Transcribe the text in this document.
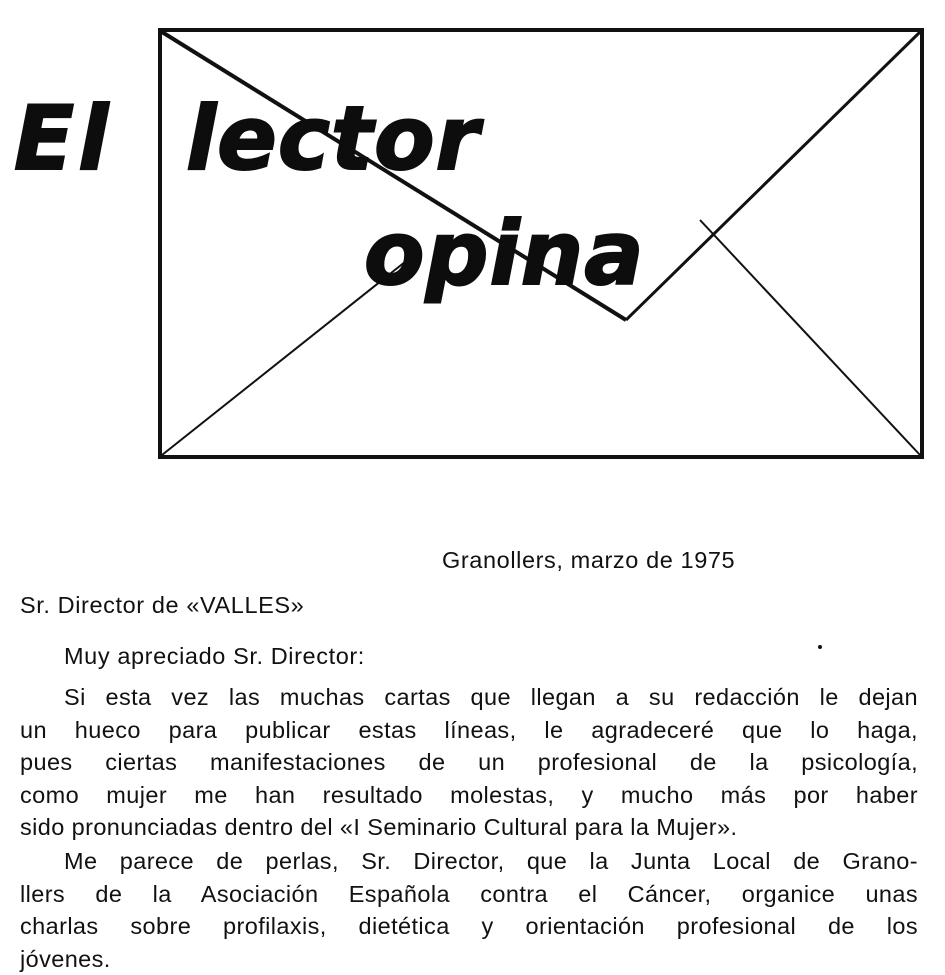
El lector
opina
Granollers, marzo de 1975
Sr. Director de «VALLES»
Muy apreciado Sr. Director:
Si esta vez las muchas cartas que llegan a su redacción le dejan
un hueco para publicar estas líneas, le agradeceré que lo haga,
pues ciertas manifestaciones de un profesional de la psicología,
como mujer me han resultado molestas, y mucho más por haber
sido pronunciadas dentro del «I Seminario Cultural para la Mujer».
Me parece de perlas, Sr. Director, que la Junta Local de Grano-
llers de la Asociación Española contra el Cáncer, organice unas
charlas sobre profilaxis, dietética y orientación profesional de los
jóvenes.
